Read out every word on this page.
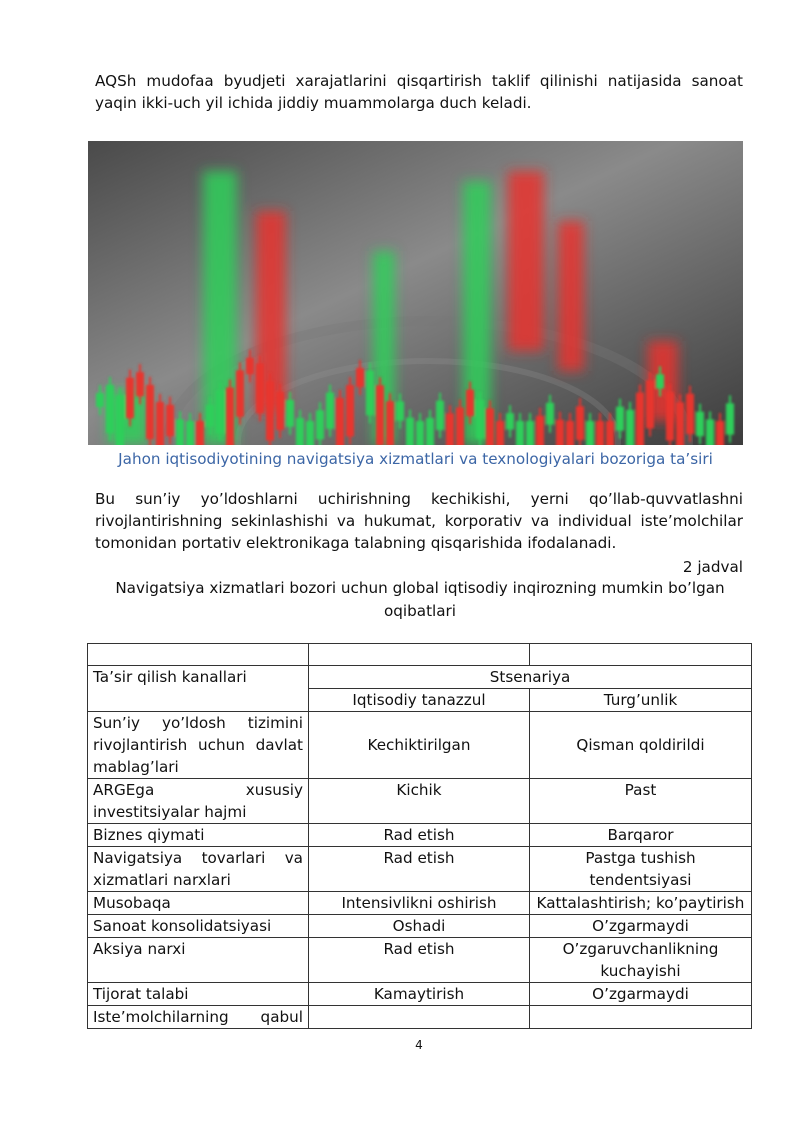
AQSh mudofaa byudjeti xarajatlarini qisqartirish taklif qilinishi natijasida sanoat yaqin ikki-uch yil ichida jiddiy muammolarga duch keladi.

Jahon iqtisodiyotining navigatsiya xizmatlari va texnologiyalari bozoriga ta’siri

Bu sun’iy yo’ldoshlarni uchirishning kechikishi, yerni qo’llab-quvvatlashni rivojlantirishning sekinlashishi va hukumat, korporativ va individual iste’molchilar tomonidan portativ elektronikaga talabning qisqarishida ifodalanadi.

2 jadval
Navigatsiya xizmatlari bozori uchun global iqtisodiy inqirozning mumkin bo’lgan oqibatlari

Ta’sir qilish kanallari	Stsenariya	
	Iqtisodiy tanazzul	Turg’unlik
Sun’iy yo’ldosh tizimini rivojlantirish uchun davlat mablag’lari	Kechiktirilgan	Qisman qoldirildi
ARGEga xususiy investitsiyalar hajmi	Kichik	Past
Biznes qiymati	Rad etish	Barqaror
Navigatsiya tovarlari va xizmatlari narxlari	Rad etish	Pastga tushish tendentsiyasi
Musobaqa	Intensivlikni oshirish	Kattalashtirish; ko’paytirish
Sanoat konsolidatsiyasi	Oshadi	O’zgarmaydi
Aksiya narxi	Rad etish	O’zgaruvchanlikning kuchayishi
Tijorat talabi	Kamaytirish	O’zgarmaydi
Iste’molchilarning qabul		
4
